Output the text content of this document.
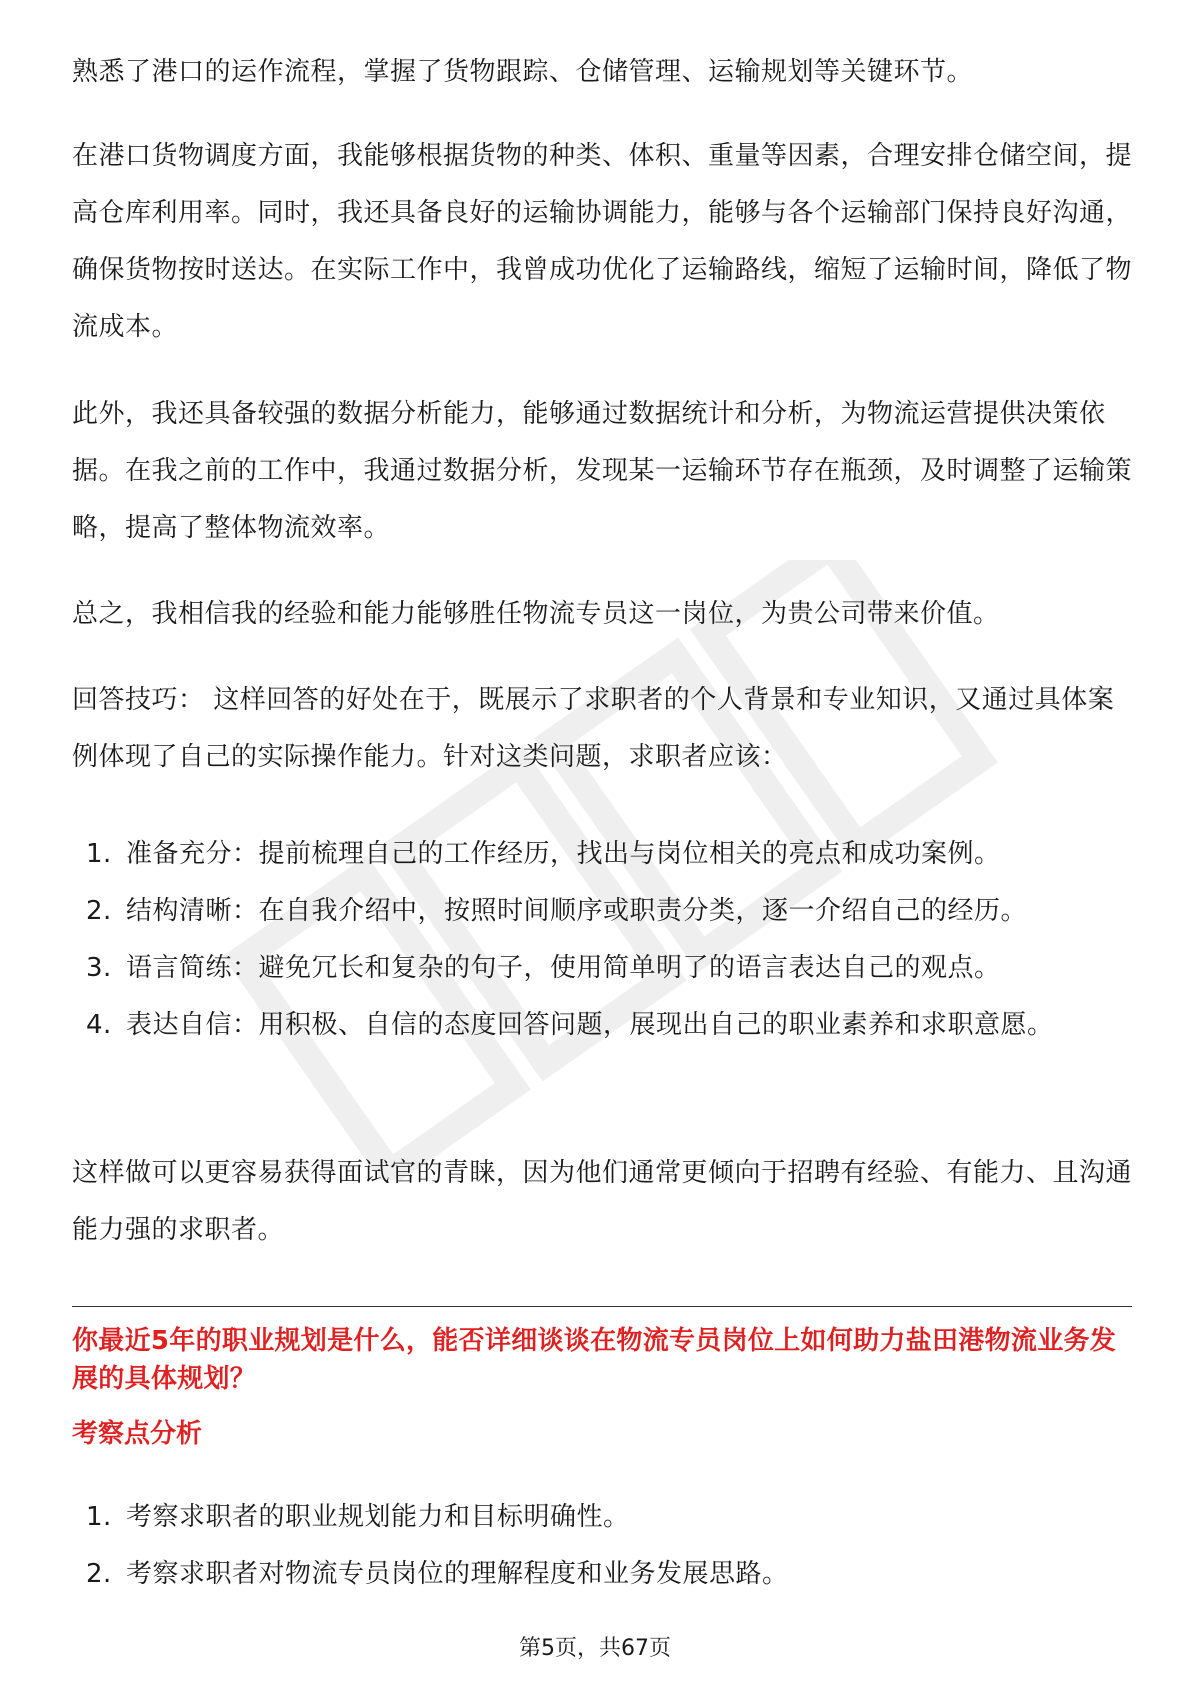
熟悉了港口的运作流程，掌握了货物跟踪、仓储管理、运输规划等关键环节。

在港口货物调度方面，我能够根据货物的种类、体积、重量等因素，合理安排仓储空间，提高仓库利用率。同时，我还具备良好的运输协调能力，能够与各个运输部门保持良好沟通，确保货物按时送达。在实际工作中，我曾成功优化了运输路线，缩短了运输时间，降低了物流成本。

此外，我还具备较强的数据分析能力，能够通过数据统计和分析，为物流运营提供决策依据。在我之前的工作中，我通过数据分析，发现某一运输环节存在瓶颈，及时调整了运输策略，提高了整体物流效率。

总之，我相信我的经验和能力能够胜任物流专员这一岗位，为贵公司带来价值。

回答技巧： 这样回答的好处在于，既展示了求职者的个人背景和专业知识，又通过具体案例体现了自己的实际操作能力。针对这类问题，求职者应该：

1. 准备充分：提前梳理自己的工作经历，找出与岗位相关的亮点和成功案例。
2. 结构清晰：在自我介绍中，按照时间顺序或职责分类，逐一介绍自己的经历。
3. 语言简练：避免冗长和复杂的句子，使用简单明了的语言表达自己的观点。
4. 表达自信：用积极、自信的态度回答问题，展现出自己的职业素养和求职意愿。

这样做可以更容易获得面试官的青睐，因为他们通常更倾向于招聘有经验、有能力、且沟通能力强的求职者。

你最近5年的职业规划是什么，能否详细谈谈在物流专员岗位上如何助力盐田港物流业务发展的具体规划？

考察点分析

1. 考察求职者的职业规划能力和目标明确性。
2. 考察求职者对物流专员岗位的理解程度和业务发展思路。
第5页，共67页
